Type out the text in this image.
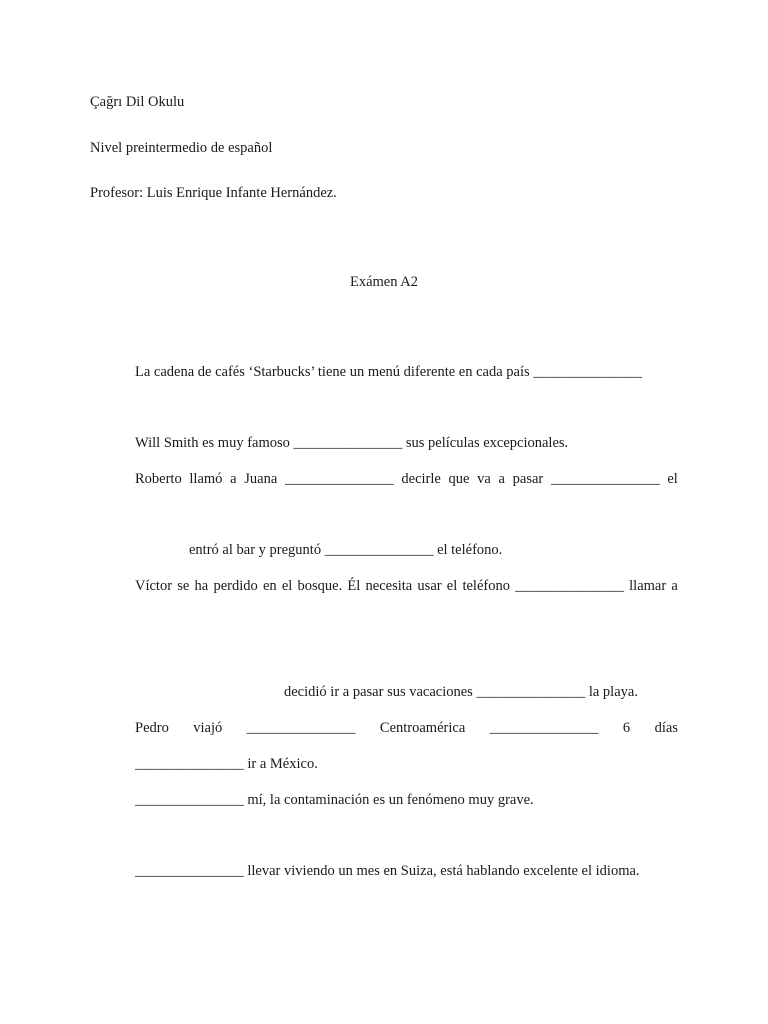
Çağrı Dil Okulu
Nivel preintermedio de español
Profesor: Luis Enrique Infante Hernández.
Exámen A2
La cadena de cafés ‘Starbucks’ tiene un menú diferente en cada país _______________
Will Smith es muy famoso _______________ sus películas excepcionales.
Roberto llamó a Juana _______________ decirle que va a pasar _______________ el
entró al bar y preguntó _______________ el teléfono.
Víctor se ha perdido en el bosque. Él necesita usar el teléfono _______________ llamar a
decidió ir a pasar sus vacaciones _______________ la playa.
Pedro viajó _______________ Centroamérica _______________ 6 días
_______________ ir a México.
_______________ mí, la contaminación es un fenómeno muy grave.
_______________ llevar viviendo un mes en Suiza, está hablando excelente el idioma.
